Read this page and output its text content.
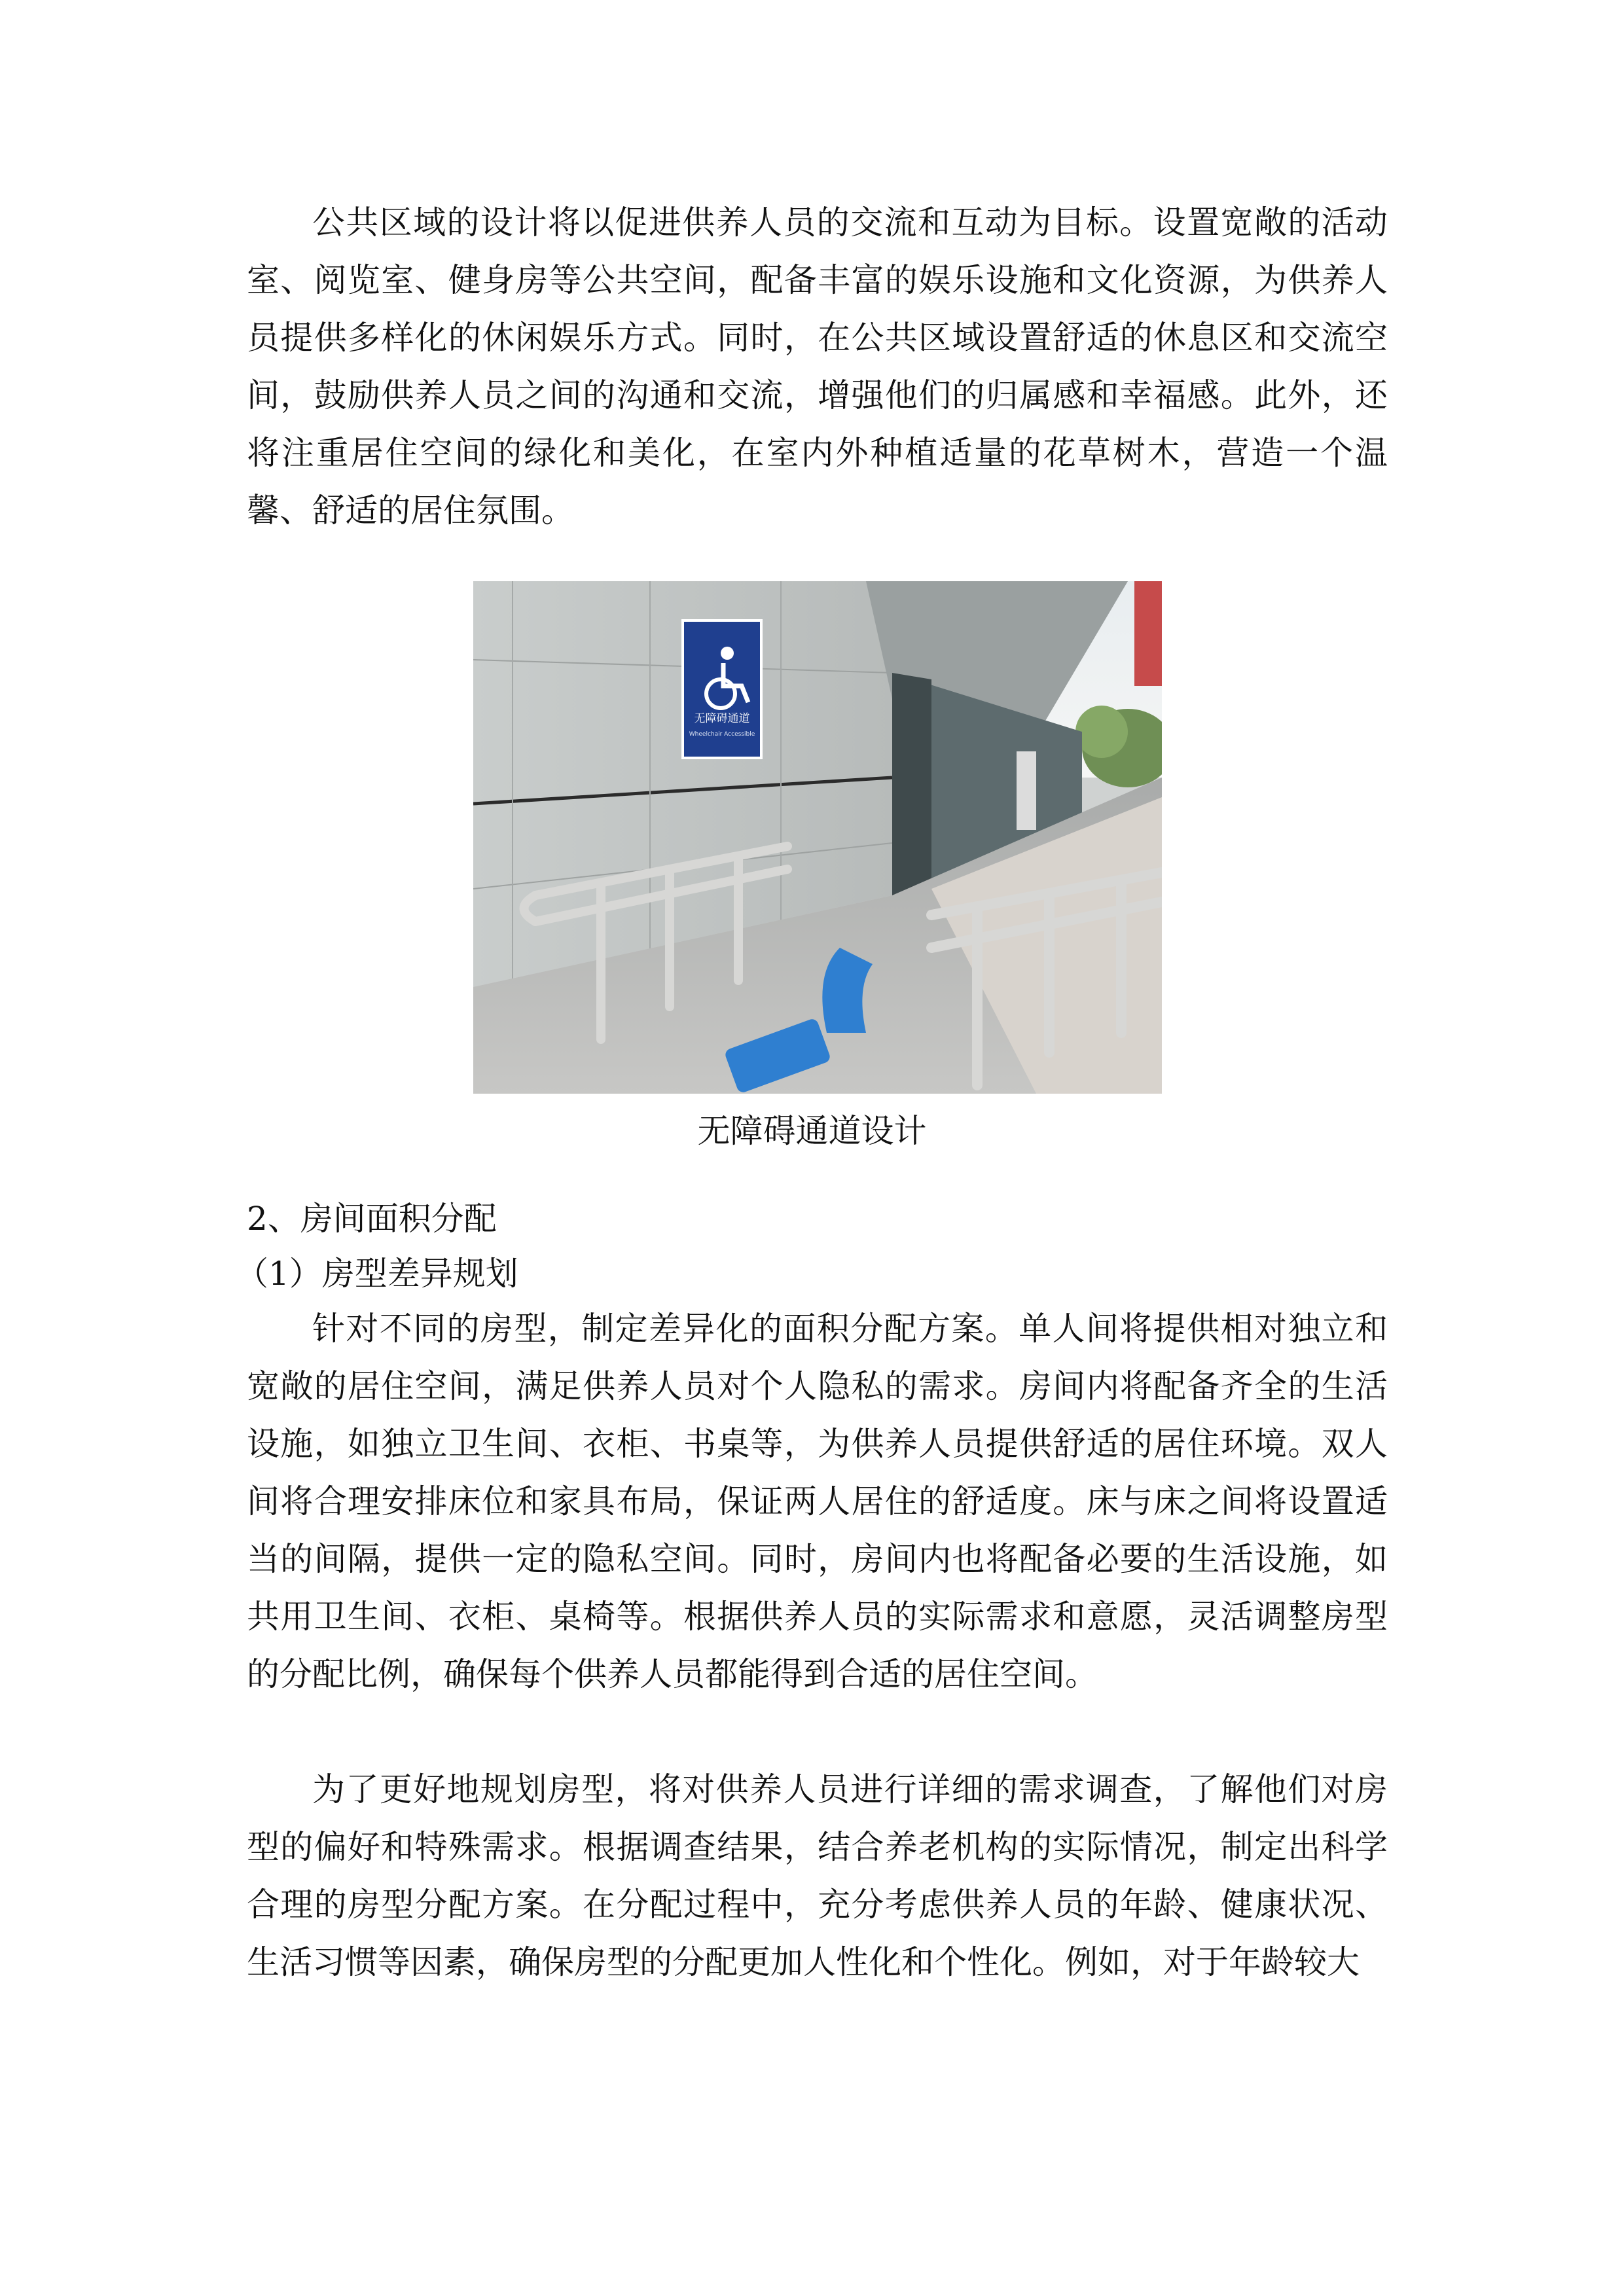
公共区域的设计将以促进供养人员的交流和互动为目标。设置宽敞的活动室、阅览室、健身房等公共空间，配备丰富的娱乐设施和文化资源，为供养人员提供多样化的休闲娱乐方式。同时，在公共区域设置舒适的休息区和交流空间，鼓励供养人员之间的沟通和交流，增强他们的归属感和幸福感。此外，还将注重居住空间的绿化和美化，在室内外种植适量的花草树木，营造一个温馨、舒适的居住氛围。

无障碍通道
Wheelchair Accessible
无障碍通道设计
2、房间面积分配
（1）房型差异规划

针对不同的房型，制定差异化的面积分配方案。单人间将提供相对独立和宽敞的居住空间，满足供养人员对个人隐私的需求。房间内将配备齐全的生活设施，如独立卫生间、衣柜、书桌等，为供养人员提供舒适的居住环境。双人间将合理安排床位和家具布局，保证两人居住的舒适度。床与床之间将设置适当的间隔，提供一定的隐私空间。同时，房间内也将配备必要的生活设施，如共用卫生间、衣柜、桌椅等。根据供养人员的实际需求和意愿，灵活调整房型的分配比例，确保每个供养人员都能得到合适的居住空间。

为了更好地规划房型，将对供养人员进行详细的需求调查，了解他们对房型的偏好和特殊需求。根据调查结果，结合养老机构的实际情况，制定出科学合理的房型分配方案。在分配过程中，充分考虑供养人员的年龄、健康状况、生活习惯等因素，确保房型的分配更加人性化和个性化。例如，对于年龄较大
